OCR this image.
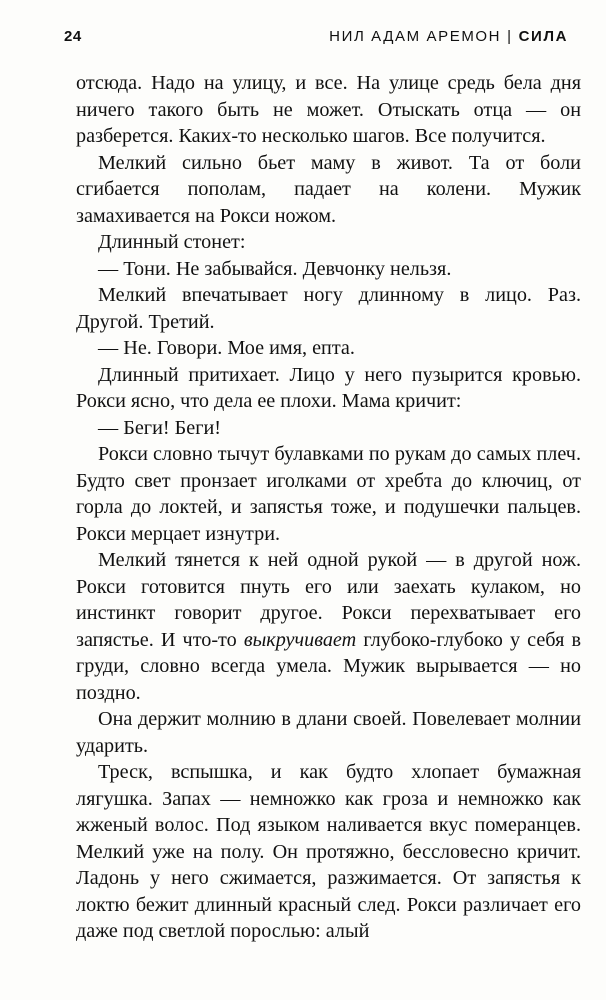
24	НИЛ АДАМ АРЕМОН | СИЛА

отсюда. Надо на улицу, и все. На улице средь бела дня ничего такого быть не может. Отыскать отца — он разберется. Каких-то несколько шагов. Все получится.

Мелкий сильно бьет маму в живот. Та от боли сгибается пополам, падает на колени. Мужик замахивается на Рокси ножом.

Длинный стонет:

— Тони. Не забывайся. Девчонку нельзя.

Мелкий впечатывает ногу длинному в лицо. Раз. Другой. Третий.

— Не. Говори. Мое имя, епта.

Длинный притихает. Лицо у него пузырится кровью. Рокси ясно, что дела ее плохи. Мама кричит:

— Беги! Беги!

Рокси словно тычут булавками по рукам до самых плеч. Будто свет пронзает иголками от хребта до ключиц, от горла до локтей, и запястья тоже, и подушечки пальцев. Рокси мерцает изнутри.

Мелкий тянется к ней одной рукой — в другой нож. Рокси готовится пнуть его или заехать кулаком, но инстинкт говорит другое. Рокси перехватывает его запястье. И что-то выкручивает глубоко-глубоко у себя в груди, словно всегда умела. Мужик вырывается — но поздно.

Она держит молнию в длани своей. Повелевает молнии ударить.

Треск, вспышка, и как будто хлопает бумажная лягушка. Запах — немножко как гроза и немножко как жженый волос. Под языком наливается вкус померанцев. Мелкий уже на полу. Он протяжно, бессловесно кричит. Ладонь у него сжимается, разжимается. От запястья к локтю бежит длинный красный след. Рокси различает его даже под светлой порослью: алый
